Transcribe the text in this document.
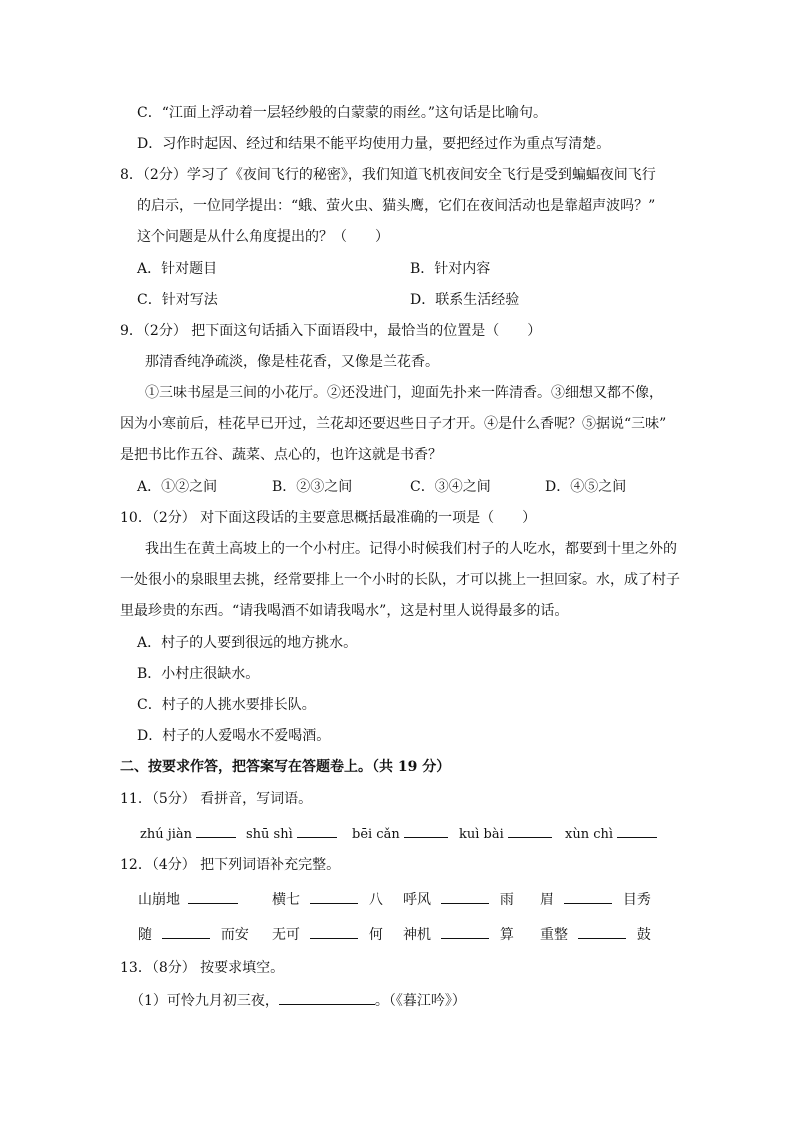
C．“江面上浮动着一层轻纱般的白蒙蒙的雨丝。”这句话是比喻句。
D．习作时起因、经过和结果不能平均使用力量，要把经过作为重点写清楚。
8．（2分）学习了《夜间飞行的秘密》，我们知道飞机夜间安全飞行是受到蝙蝠夜间飞行
的启示，一位同学提出：“蛾、萤火虫、猫头鹰，它们在夜间活动也是靠超声波吗？”
这个问题是从什么角度提出的？（　　）
A．针对题目	B．针对内容
C．针对写法	D．联系生活经验
9．（2分） 把下面这句话插入下面语段中，最恰当的位置是（　　）
那清香纯净疏淡，像是桂花香，又像是兰花香。
①三味书屋是三间的小花厅。②还没进门，迎面先扑来一阵清香。③细想又都不像，
因为小寒前后，桂花早已开过，兰花却还要迟些日子才开。④是什么香呢？⑤据说“三味”
是把书比作五谷、蔬菜、点心的，也许这就是书香？
A．①②之间	B．②③之间	C．③④之间	D．④⑤之间
10．（2分） 对下面这段话的主要意思概括最准确的一项是（　　）
我出生在黄土高坡上的一个小村庄。记得小时候我们村子的人吃水，都要到十里之外的
一处很小的泉眼里去挑，经常要排上一个小时的长队，才可以挑上一担回家。水，成了村子
里最珍贵的东西。“请我喝酒不如请我喝水”，这是村里人说得最多的话。
A．村子的人要到很远的地方挑水。
B．小村庄很缺水。
C．村子的人挑水要排长队。
D．村子的人爱喝水不爱喝酒。
二、按要求作答，把答案写在答题卷上。（共 19 分）
11．（5分） 看拼音，写词语。
zhú jiàn	shū shì	bēi cǎn	kuì bài	xùn chì
12．（4分） 把下列词语补充完整。
山崩地	横七	八 呼风	雨 眉	目秀
随	而安 无可	何 神机	算 重整	鼓
13．（8分） 按要求填空。
（1）可怜九月初三夜，	。（《暮江吟》）
